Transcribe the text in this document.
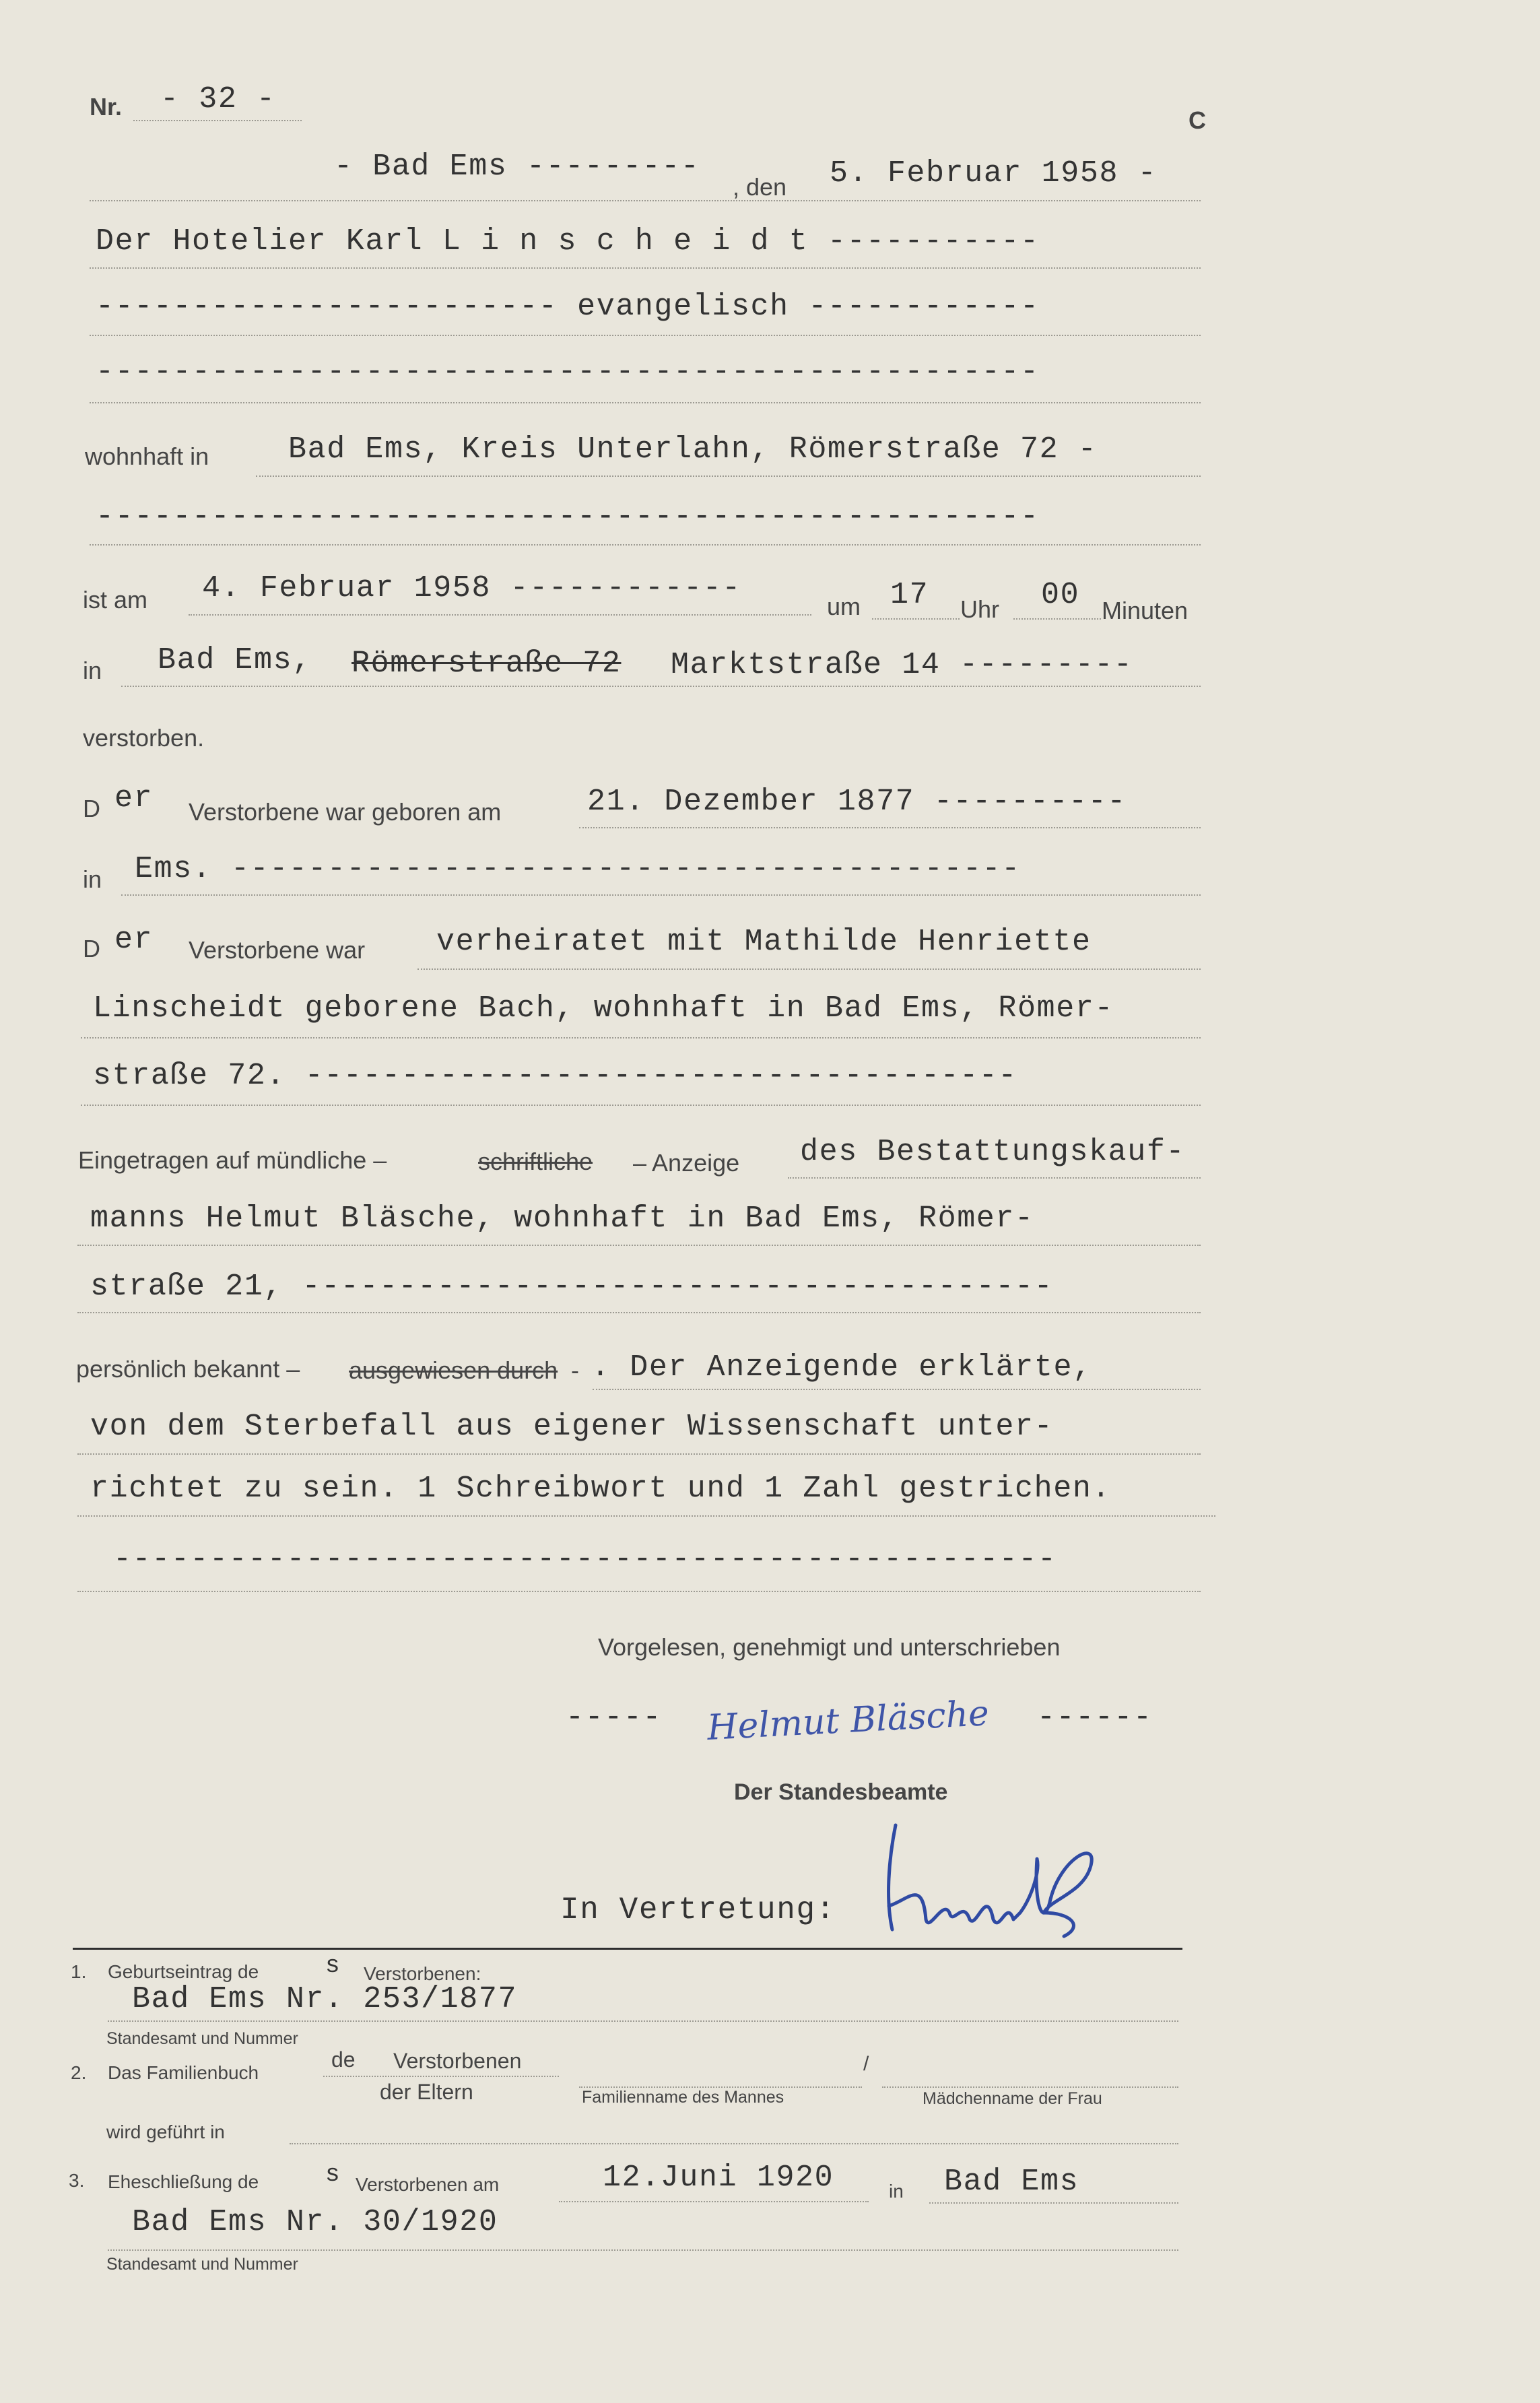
Nr. - 32 -
C
- Bad Ems ---------
, den 5. Februar 1958 -
Der Hotelier Karl L i n s c h e i d t -----------
------------------------ evangelisch ------------
-------------------------------------------------
wohnhaft in	Bad Ems, Kreis Unterlahn, Römerstraße 72 -
-------------------------------------------------
ist am 4. Februar 1958 ------------
um 17 Uhr 00 Minuten
in Bad Ems, Römerstraße 72 Marktstraße 14 ---------
verstorben.
D er Verstorbene war geboren am	21. Dezember 1877 ----------
in Ems. -----------------------------------------
D er Verstorbene war verheiratet mit Mathilde Henriette
Linscheidt geborene Bach, wohnhaft in Bad Ems, Römer-
straße 72. -------------------------------------
Eingetragen auf mündliche –	schriftliche – Anzeige des Bestattungskauf-
manns Helmut Bläsche, wohnhaft in Bad Ems, Römer-
straße 21, ---------------------------------------
persönlich bekannt – ausgewiesen durch - . Der Anzeigende erklärte,
von dem Sterbefall aus eigener Wissenschaft unter-
richtet zu sein. 1 Schreibwort und 1 Zahl gestrichen.
-------------------------------------------------
Vorgelesen, genehmigt und unterschrieben
----- Helmut Bläsche ------
Der Standesbeamte
In Vertretung:
1. Geburtseintrag de	s Verstorbenen:
Bad Ems Nr. 253/1877
Standesamt und Nummer
2. Das Familienbuch
de Verstorbenen	/
der Eltern	Familienname des Mannes	Mädchenname der Frau
wird geführt in
3. Eheschließung de	s Verstorbenen am	12.Juni 1920	in Bad Ems
Bad Ems Nr. 30/1920
Standesamt und Nummer
